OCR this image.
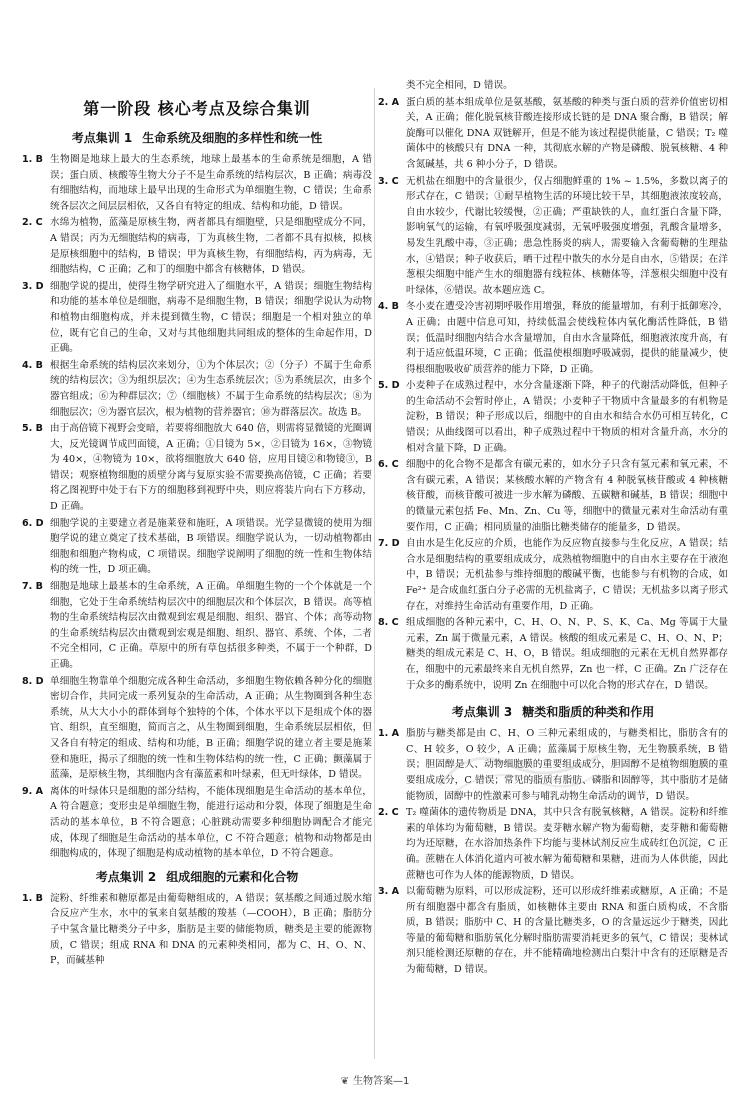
第一阶段 核心考点及综合集训
考点集训 1 生命系统及细胞的多样性和统一性
1. B 生物圈是地球上最大的生态系统，地球上最基本的生命系统是细胞，A 错误；蛋白质、核酸等生物大分子不是生命系统的结构层次，B 正确；病毒没有细胞结构，而地球上最早出现的生命形式为单细胞生物，C 错误；生命系统各层次之间层层相依，又各自有特定的组成、结构和功能，D 错误。
2. C 水绵为植物，蓝藻是原核生物，两者都具有细胞壁，只是细胞壁成分不同，A 错误；丙为无细胞结构的病毒，丁为真核生物，二者都不具有拟核，拟核是原核细胞中的结构，B 错误；甲为真核生物，有细胞结构，丙为病毒，无细胞结构，C 正确；乙和丁的细胞中都含有核糖体，D 错误。
3. D 细胞学说的提出，使得生物学研究进入了细胞水平，A 错误；细胞生物结构和功能的基本单位是细胞，病毒不是细胞生物，B 错误；细胞学说认为动物和植物由细胞构成，并未提到微生物，C 错误；细胞是一个相对独立的单位，既有它自己的生命，又对与其他细胞共同组成的整体的生命起作用，D 正确。
4. B 根据生命系统的结构层次来划分，①为个体层次；②（分子）不属于生命系统的结构层次；③为组织层次；④为生态系统层次；⑤为系统层次，由多个器官组成；⑥为种群层次；⑦（细胞核）不属于生命系统的结构层次；⑧为细胞层次；⑨为器官层次，根为植物的营养器官；⑩为群落层次。故选 B。
5. B 由于高倍镜下视野会变暗，若要将细胞放大 640 倍，则需将显微镜的光圈调大，反光镜调节成凹面镜，A 正确；①目镜为 5×，②目镜为 16×，③物镜为 40×，④物镜为 10×，欲将细胞放大 640 倍，应用目镜②和物镜③，B 错误；观察植物细胞的质壁分离与复原实验不需要换高倍镜，C 正确；若要将乙图视野中处于右下方的细胞移到视野中央，则应将装片向右下方移动，D 正确。
6. D 细胞学说的主要建立者是施莱登和施旺，A 项错误。光学显微镜的使用为细胞学说的建立奠定了技术基础，B 项错误。细胞学说认为，一切动植物都由细胞和细胞产物构成，C 项错误。细胞学说阐明了细胞的统一性和生物体结构的统一性，D 项正确。
7. B 细胞是地球上最基本的生命系统，A 正确。单细胞生物的一个个体就是一个细胞，它处于生命系统结构层次中的细胞层次和个体层次，B 错误。高等植物的生命系统结构层次由微观到宏观是细胞、组织、器官、个体；高等动物的生命系统结构层次由微观到宏观是细胞、组织、器官、系统、个体，二者不完全相同，C 正确。草原中的所有草包括很多种类，不属于一个种群，D 正确。
8. D 单细胞生物靠单个细胞完成各种生命活动，多细胞生物依赖各种分化的细胞密切合作，共同完成一系列复杂的生命活动，A 正确；从生物圈到各种生态系统，从大大小小的群体到每个独特的个体，个体水平以下是组成个体的器官、组织，直至细胞，简而言之，从生物圈到细胞，生命系统层层相依，但又各自有特定的组成、结构和功能，B 正确；细胞学说的建立者主要是施莱登和施旺，揭示了细胞的统一性和生物体结构的统一性，C 正确；颤藻属于蓝藻，是原核生物，其细胞内含有藻蓝素和叶绿素，但无叶绿体，D 错误。
9. A 离体的叶绿体只是细胞的部分结构，不能体现细胞是生命活动的基本单位，A 符合题意；变形虫是单细胞生物，能进行运动和分裂，体现了细胞是生命活动的基本单位，B 不符合题意；心脏跳动需要多种细胞协调配合才能完成，体现了细胞是生命活动的基本单位，C 不符合题意；植物和动物都是由细胞构成的，体现了细胞是构成动植物的基本单位，D 不符合题意。
考点集训 2 组成细胞的元素和化合物
1. B 淀粉、纤维素和糖原都是由葡萄糖组成的，A 错误；氨基酸之间通过脱水缩合反应产生水，水中的氧来自氨基酸的羧基（—COOH），B 正确；脂肪分子中氢含量比糖类分子中多，脂肪是主要的储能物质，糖类是主要的能源物质，C 错误；组成 RNA 和 DNA 的元素种类相同，都为 C、H、O、N、P，而碱基种
类不完全相同，D 错误。
2. A 蛋白质的基本组成单位是氨基酸，氨基酸的种类与蛋白质的营养价值密切相关，A 正确；催化脱氧核苷酸连接形成长链的是 DNA 聚合酶，B 错误；解旋酶可以催化 DNA 双链解开，但是不能为该过程提供能量，C 错误；T₂ 噬菌体中的核酸只有 DNA 一种，其彻底水解的产物是磷酸、脱氧核糖、4 种含氮碱基，共 6 种小分子，D 错误。
3. C 无机盐在细胞中的含量很少，仅占细胞鲜重的 1% ~ 1.5%，多数以离子的形式存在，C 错误；①耐旱植物生活的环境比较干旱，其细胞液浓度较高，自由水较少，代谢比较缓慢，②正确；严重缺铁的人，血红蛋白含量下降，影响氧气的运输，有氧呼吸强度减弱，无氧呼吸强度增强，乳酸含量增多，易发生乳酸中毒，③正确；患急性肠炎的病人，需要输入含葡萄糖的生理盐水，④错误；种子收获后，晒干过程中散失的水分是自由水，⑤错误；在洋葱根尖细胞中能产生水的细胞器有线粒体、核糖体等，洋葱根尖细胞中没有叶绿体，⑥错误。故本题应选 C。
4. B 冬小麦在遭受冷害初期呼吸作用增强，释放的能量增加，有利于抵御寒冷，A 正确；由题中信息可知，持续低温会使线粒体内氧化酶活性降低，B 错误；低温时细胞内结合水含量增加，自由水含量降低，细胞液浓度升高，有利于适应低温环境，C 正确；低温使根细胞呼吸减弱，提供的能量减少，使得根细胞吸收矿质营养的能力下降，D 正确。
5. D 小麦种子在成熟过程中，水分含量逐渐下降，种子的代谢活动降低，但种子的生命活动不会暂时停止，A 错误；小麦种子干物质中含量最多的有机物是淀粉，B 错误；种子形成以后，细胞中的自由水和结合水仍可相互转化，C 错误；从曲线图可以看出，种子成熟过程中干物质的相对含量升高，水分的相对含量下降，D 正确。
6. C 细胞中的化合物不是都含有碳元素的，如水分子只含有氢元素和氧元素，不含有碳元素，A 错误；某核酸水解的产物含有 4 种脱氧核苷酸或 4 种核糖核苷酸，而核苷酸可被进一步水解为磷酸、五碳糖和碱基，B 错误；细胞中的微量元素包括 Fe、Mn、Zn、Cu 等，细胞中的微量元素对生命活动有重要作用，C 正确；相同质量的油脂比糖类储存的能量多，D 错误。
7. D 自由水是生化反应的介质，也能作为反应物直接参与生化反应，A 错误；结合水是细胞结构的重要组成成分，成熟植物细胞中的自由水主要存在于液泡中，B 错误；无机盐参与维持细胞的酸碱平衡，也能参与有机物的合成，如 Fe²⁺ 是合成血红蛋白分子必需的无机盐离子，C 错误；无机盐多以离子形式存在，对维持生命活动有重要作用，D 正确。
8. C 组成细胞的各种元素中，C、H、O、N、P、S、K、Ca、Mg 等属于大量元素，Zn 属于微量元素，A 错误。核酸的组成元素是 C、H、O、N、P；糖类的组成元素是 C、H、O，B 错误。组成细胞的元素在无机自然界都存在，细胞中的元素最终来自无机自然界，Zn 也一样，C 正确。Zn 广泛存在于众多的酶系统中，说明 Zn 在细胞中可以化合物的形式存在，D 错误。
考点集训 3 糖类和脂质的种类和作用
1. A 脂肪与糖类都是由 C、H、O 三种元素组成的，与糖类相比，脂肪含有的 C、H 较多，O 较少，A 正确；蓝藻属于原核生物，无生物膜系统，B 错误；胆固醇是人、动物细胞膜的重要组成成分，胆固醇不是植物细胞膜的重要组成成分，C 错误；常见的脂质有脂肪、磷脂和固醇等，其中脂肪才是储能物质，固醇中的性激素可参与哺乳动物生命活动的调节，D 错误。
2. C T₂ 噬菌体的遗传物质是 DNA，其中只含有脱氧核糖，A 错误。淀粉和纤维素的单体均为葡萄糖，B 错误。麦芽糖水解产物为葡萄糖，麦芽糖和葡萄糖均为还原糖，在水浴加热条件下均能与斐林试剂反应生成砖红色沉淀，C 正确。蔗糖在人体消化道内可被水解为葡萄糖和果糖，进而为人体供能，因此蔗糖也可作为人体的能源物质，D 错误。
3. A 以葡萄糖为原料，可以形成淀粉，还可以形成纤维素或糖原，A 正确；不是所有细胞器中都含有脂质，如核糖体主要由 RNA 和蛋白质构成，不含脂质，B 错误；脂肪中 C、H 的含量比糖类多，O 的含量远远少于糖类，因此等量的葡萄糖和脂肪氧化分解时脂肪需要消耗更多的氧气，C 错误；斐林试剂只能检测还原糖的存在，并不能精确地检测出白梨汁中含有的还原糖是否为葡萄糖，D 错误。
❦ 生物答案—1
